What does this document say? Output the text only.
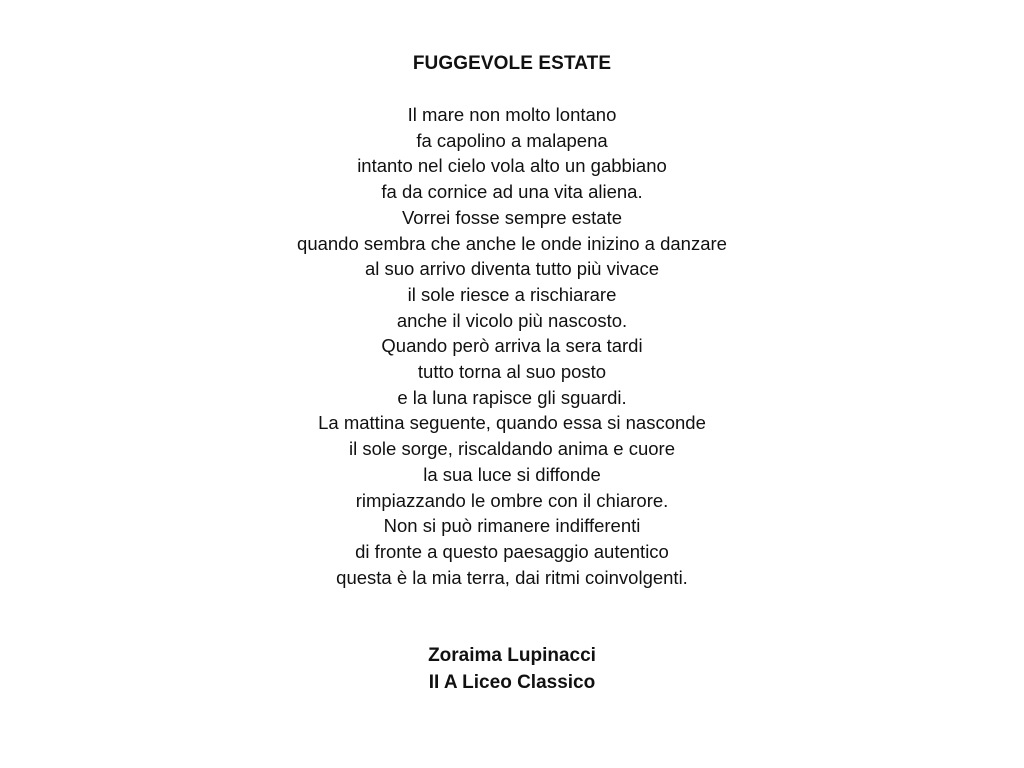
FUGGEVOLE ESTATE
Il mare non molto lontano
fa capolino a malapena
intanto nel cielo vola alto un gabbiano
fa da cornice ad una vita aliena.
Vorrei fosse sempre estate
quando sembra che anche le onde inizino a danzare
al suo arrivo diventa tutto più vivace
il sole riesce a rischiarare
anche il vicolo più nascosto.
Quando però arriva la sera tardi
tutto torna al suo posto
e la luna rapisce gli sguardi.
La mattina seguente, quando essa si nasconde
il sole sorge, riscaldando anima e cuore
la sua luce si diffonde
rimpiazzando le ombre con il chiarore.
Non si può rimanere indifferenti
di fronte a questo paesaggio autentico
questa è la mia terra, dai ritmi coinvolgenti.
Zoraima Lupinacci
II A Liceo Classico
